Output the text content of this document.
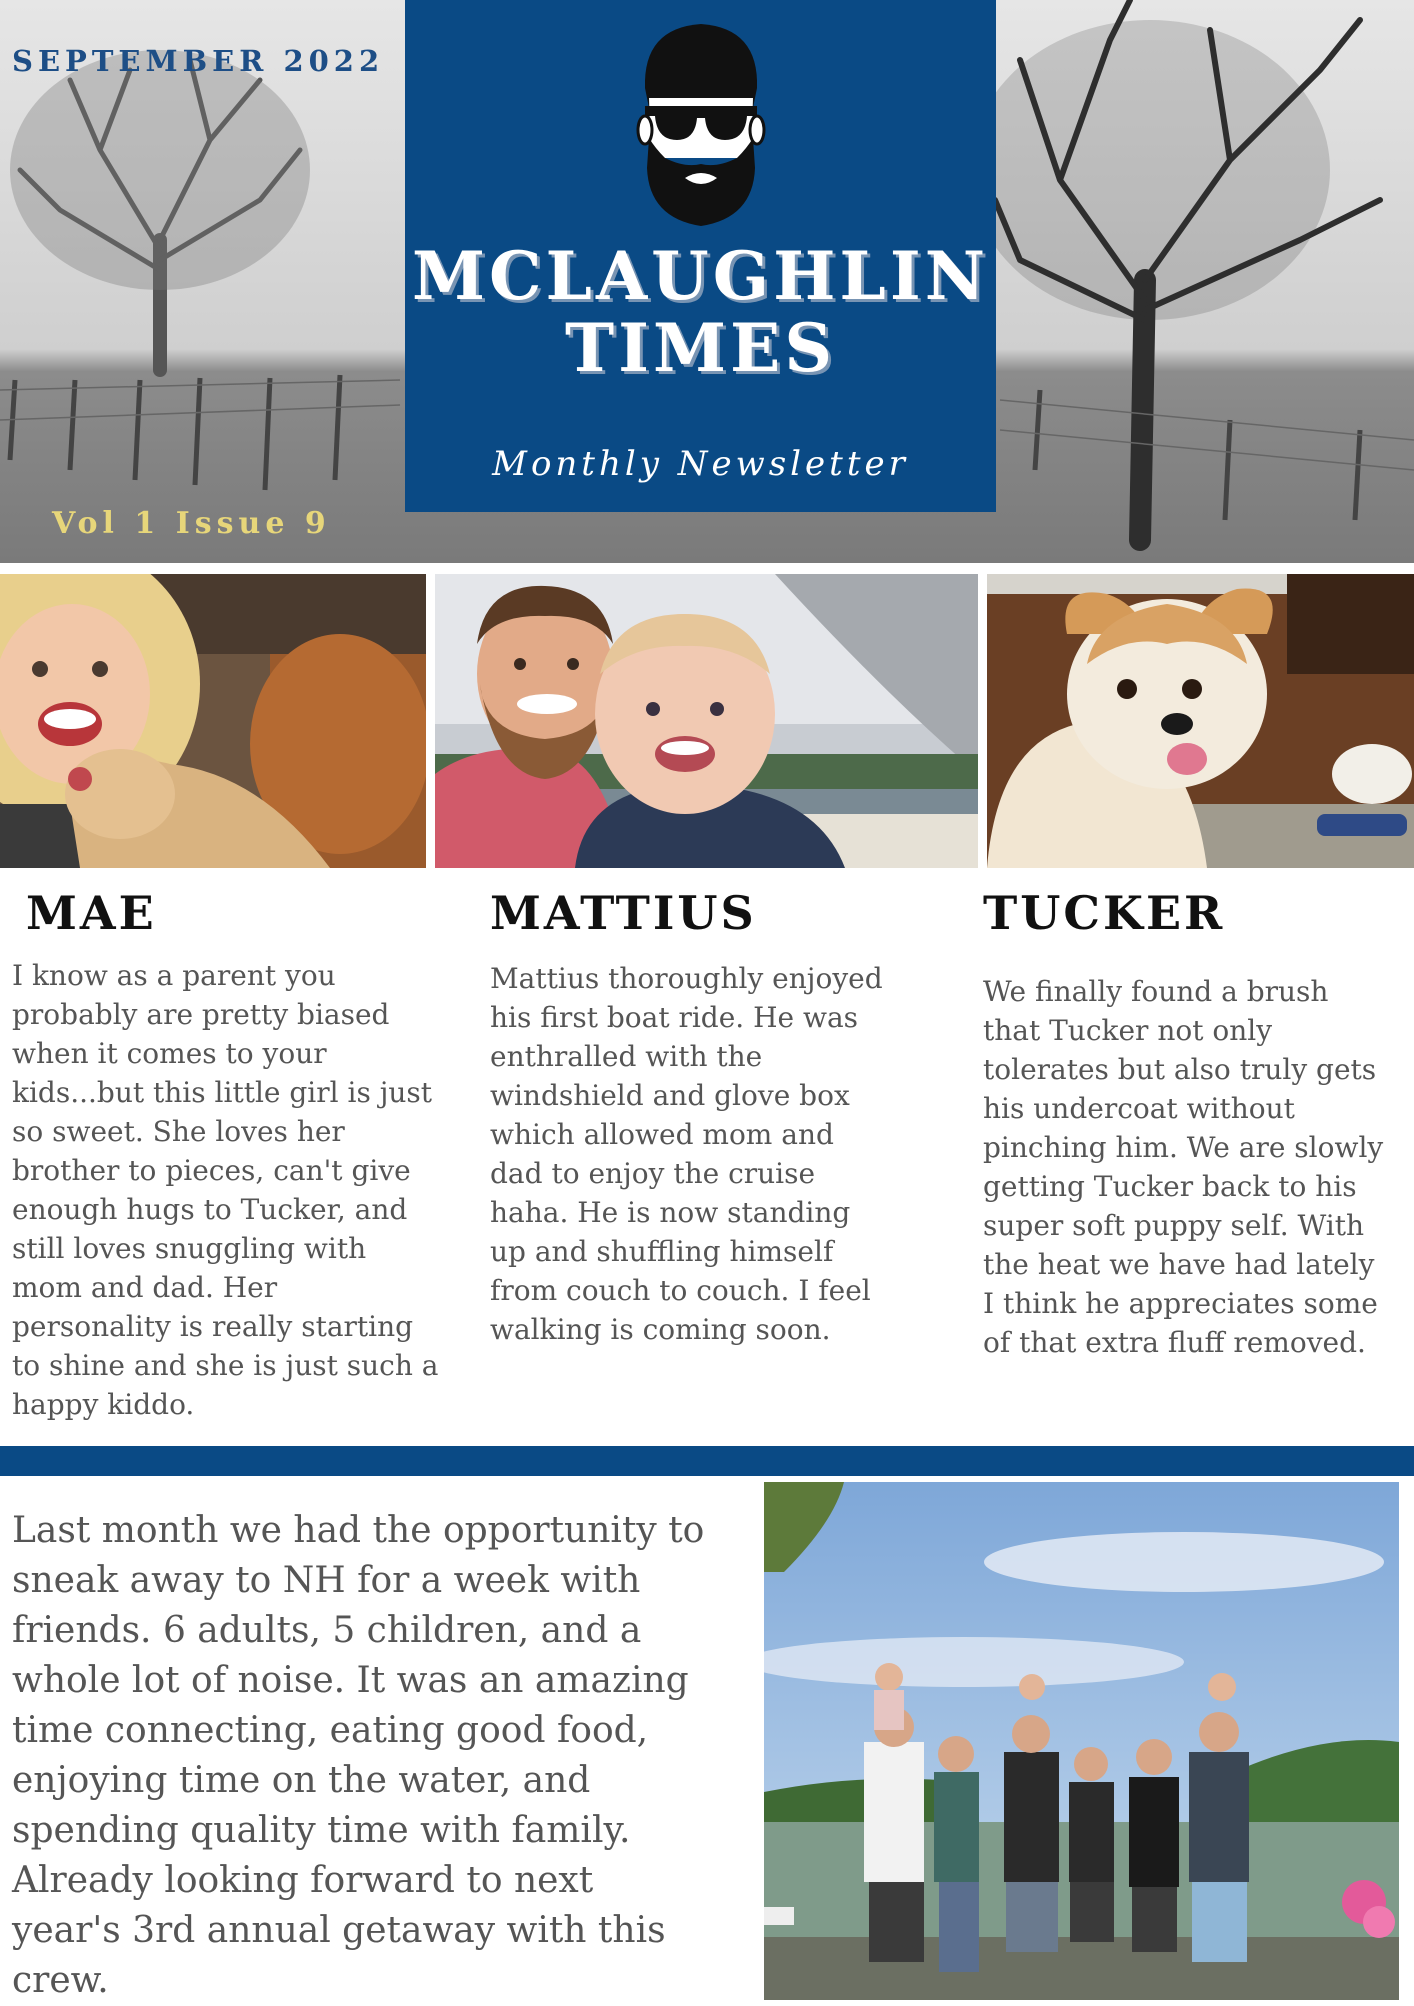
SEPTEMBER 2022
MCLAUGHLIN
TIMES
Monthly Newsletter
Vol 1 Issue 9
MAE
I know as a parent you probably are pretty biased when it comes to your kids...but this little girl is just so sweet. She loves her brother to pieces, can't give enough hugs to Tucker, and still loves snuggling with mom and dad. Her personality is really starting to shine and she is just such a happy kiddo.
MATTIUS
Mattius thoroughly enjoyed his first boat ride. He was enthralled with the windshield and glove box which allowed mom and dad to enjoy the cruise haha. He is now standing up and shuffling himself from couch to couch. I feel walking is coming soon.
TUCKER
We finally found a brush that Tucker not only tolerates but also truly gets his undercoat without pinching him. We are slowly getting Tucker back to his super soft puppy self. With the heat we have had lately I think he appreciates some of that extra fluff removed.
Last month we had the opportunity to sneak away to NH for a week with friends. 6 adults, 5 children, and a whole lot of noise. It was an amazing time connecting, eating good food, enjoying time on the water, and spending quality time with family. Already looking forward to next year's 3rd annual getaway with this crew.
